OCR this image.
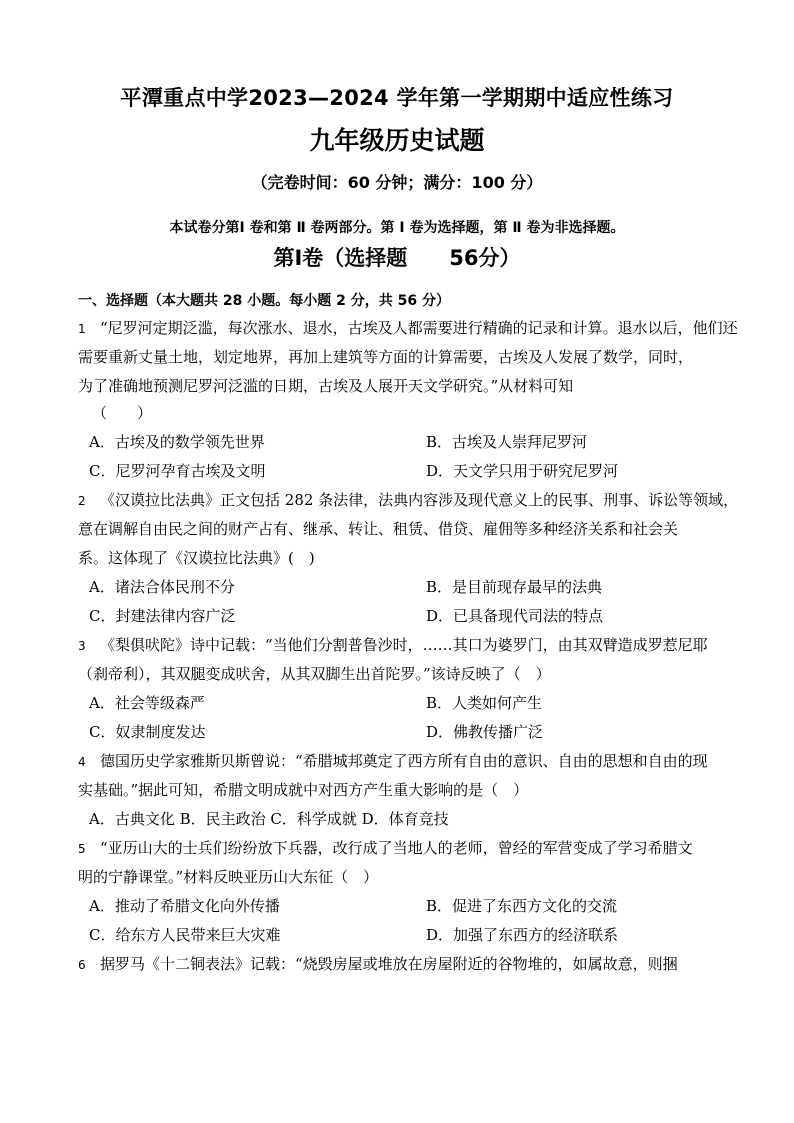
平潭重点中学2023—2024 学年第一学期期中适应性练习
九年级历史试题
（完卷时间：60 分钟；满分：100 分）
本试卷分第Ⅰ 卷和第 Ⅱ 卷两部分。第 Ⅰ 卷为选择题，第 Ⅱ 卷为非选择题。
第Ⅰ卷（选择题　　56分）
一、选择题（本大题共 28 小题。每小题 2 分，共 56 分）
1 “尼罗河定期泛滥，每次涨水、退水，古埃及人都需要进行精确的记录和计算。退水以后，他们还
需要重新丈量土地，划定地界，再加上建筑等方面的计算需要，古埃及人发展了数学，同时，
为了准确地预测尼罗河泛滥的日期，古埃及人展开天文学研究。”从材料可知
（　　）
A．古埃及的数学领先世界	B．古埃及人崇拜尼罗河
C．尼罗河孕育古埃及文明	D．天文学只用于研究尼罗河
2 《汉谟拉比法典》正文包括 282 条法律，法典内容涉及现代意义上的民事、刑事、诉讼等领域，
意在调解自由民之间的财产占有、继承、转让、租赁、借贷、雇佣等多种经济关系和社会关
系。这体现了《汉谟拉比法典》(　)
A．诸法合体民刑不分	B．是目前现存最早的法典
C．封建法律内容广泛	D．已具备现代司法的特点
3 《梨俱吠陀》诗中记载：“当他们分割普鲁沙时，……其口为婆罗门，由其双臂造成罗惹尼耶
（刹帝利），其双腿变成吠舍，从其双脚生出首陀罗。”该诗反映了（　）
A．社会等级森严	B．人类如何产生
C．奴隶制度发达	D．佛教传播广泛
4 德国历史学家雅斯贝斯曾说：“希腊城邦奠定了西方所有自由的意识、自由的思想和自由的现
实基础。”据此可知，希腊文明成就中对西方产生重大影响的是（　）
A．古典文化 B．民主政治 C．科学成就 D．体育竞技
5 “亚历山大的士兵们纷纷放下兵器，改行成了当地人的老师，曾经的军营变成了学习希腊文
明的宁静课堂。”材料反映亚历山大东征（　）
A．推动了希腊文化向外传播	B．促进了东西方文化的交流
C．给东方人民带来巨大灾难	D．加强了东西方的经济联系
6 据罗马《十二铜表法》记载：“烧毁房屋或堆放在房屋附近的谷物堆的，如属故意，则捆
